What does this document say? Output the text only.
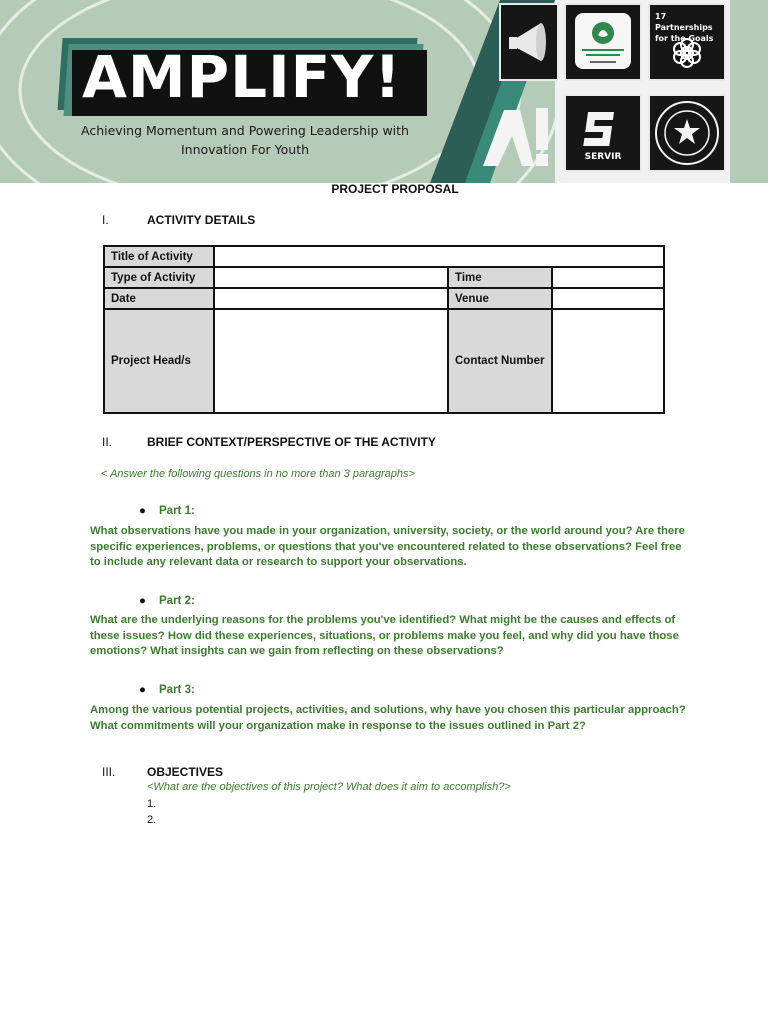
AMPLIFY!
Achieving Momentum and Powering Leadership with Innovation For Youth
17 Partnerships for the Goals
SERVIR
PROJECT PROPOSAL
I.	ACTIVITY DETAILS
Title of Activity			
Type of Activity		Time	
Date		Venue	
Project Head/s		Contact Number	
II.	BRIEF CONTEXT/PERSPECTIVE OF THE ACTIVITY
< Answer the following questions in no more than 3 paragraphs>
● Part 1:
What observations have you made in your organization, university, society, or the world around you? Are there specific experiences, problems, or questions that you've encountered related to these observations? Feel free to include any relevant data or research to support your observations.
● Part 2:
What are the underlying reasons for the problems you've identified? What might be the causes and effects of these issues? How did these experiences, situations, or problems make you feel, and why did you have those emotions? What insights can we gain from reflecting on these observations?
● Part 3:
Among the various potential projects, activities, and solutions, why have you chosen this particular approach? What commitments will your organization make in response to the issues outlined in Part 2?
III.	OBJECTIVES
<What are the objectives of this project? What does it aim to accomplish?>
1.
2.
